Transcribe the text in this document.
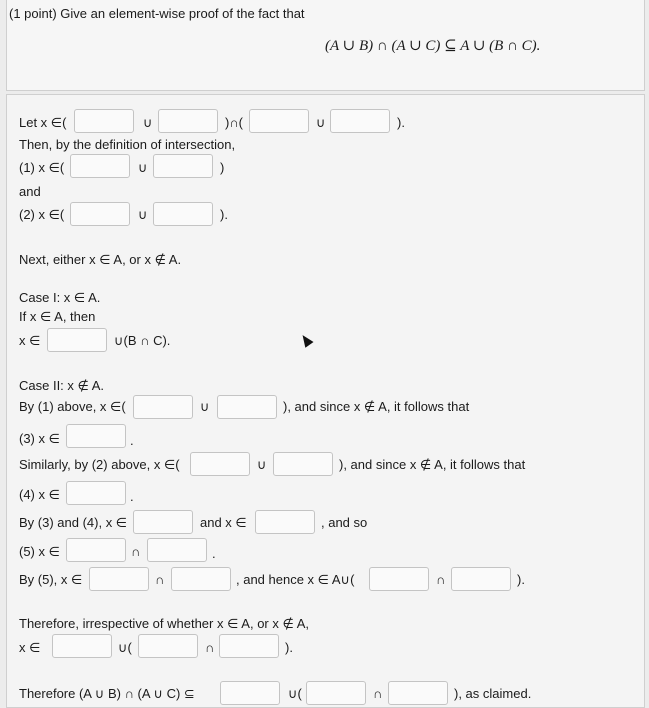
(1 point) Give an element-wise proof of the fact that
(A ∪ B) ∩ (A ∪ C) ⊆ A ∪ (B ∩ C).
Let x ∈(	∪	)∩(	∪	).
Then, by the definition of intersection,
(1) x ∈(	∪	)
and
(2) x ∈(	∪	).
Next, either x ∈ A, or x ∉ A.
Case I: x ∈ A.
If x ∈ A, then
x ∈	∪(B ∩ C).
Case II: x ∉ A.
By (1) above, x ∈(	∪	), and since x ∉ A, it follows that
(3) x ∈	.
Similarly, by (2) above, x ∈(	∪	), and since x ∉ A, it follows that
(4) x ∈	.
By (3) and (4), x ∈	and x ∈	, and so
(5) x ∈	∩	.
By (5), x ∈	∩	, and hence x ∈ A∪(	∩	).
Therefore, irrespective of whether x ∈ A, or x ∉ A,
x ∈	∪(	∩	).
Therefore (A ∪ B) ∩ (A ∪ C) ⊆	∪(	∩	), as claimed.
